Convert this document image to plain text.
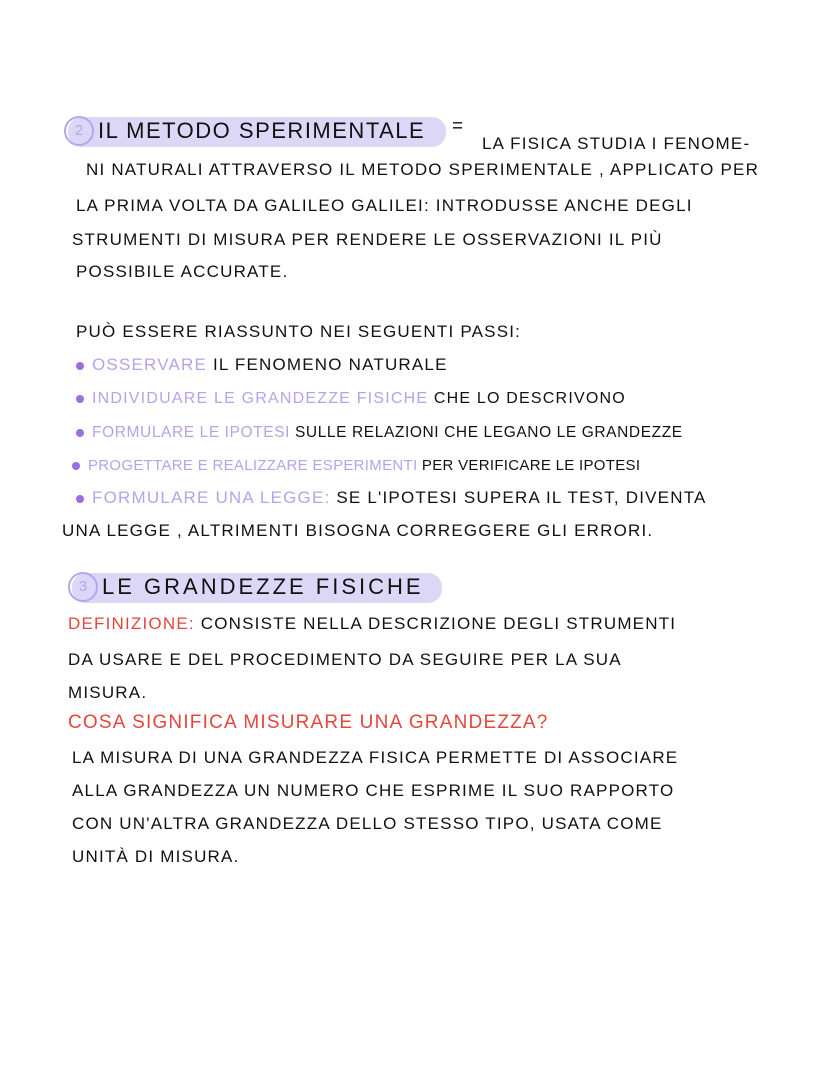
2 IL METODO SPERIMENTALE =
LA FISICA STUDIA I FENOME-
NI NATURALI ATTRAVERSO IL METODO SPERIMENTALE , APPLICATO PER
LA PRIMA VOLTA DA GALILEO GALILEI: INTRODUSSE ANCHE DEGLI
STRUMENTI DI MISURA PER RENDERE LE OSSERVAZIONI IL PIÙ
POSSIBILE ACCURATE.
PUÒ ESSERE RIASSUNTO NEI SEGUENTI PASSI:
OSSERVARE IL FENOMENO NATURALE
INDIVIDUARE LE GRANDEZZE FISICHE CHE LO DESCRIVONO
FORMULARE LE IPOTESI SULLE RELAZIONI CHE LEGANO LE GRANDEZZE
PROGETTARE E REALIZZARE ESPERIMENTI PER VERIFICARE LE IPOTESI
FORMULARE UNA LEGGE: SE L'IPOTESI SUPERA IL TEST, DIVENTA
UNA LEGGE , ALTRIMENTI BISOGNA CORREGGERE GLI ERRORI.
3 LE GRANDEZZE FISICHE
DEFINIZIONE: CONSISTE NELLA DESCRIZIONE DEGLI STRUMENTI
DA USARE E DEL PROCEDIMENTO DA SEGUIRE PER LA SUA
MISURA.
COSA SIGNIFICA MISURARE UNA GRANDEZZA?
LA MISURA DI UNA GRANDEZZA FISICA PERMETTE DI ASSOCIARE
ALLA GRANDEZZA UN NUMERO CHE ESPRIME IL SUO RAPPORTO
CON UN'ALTRA GRANDEZZA DELLO STESSO TIPO, USATA COME
UNITÀ DI MISURA.
